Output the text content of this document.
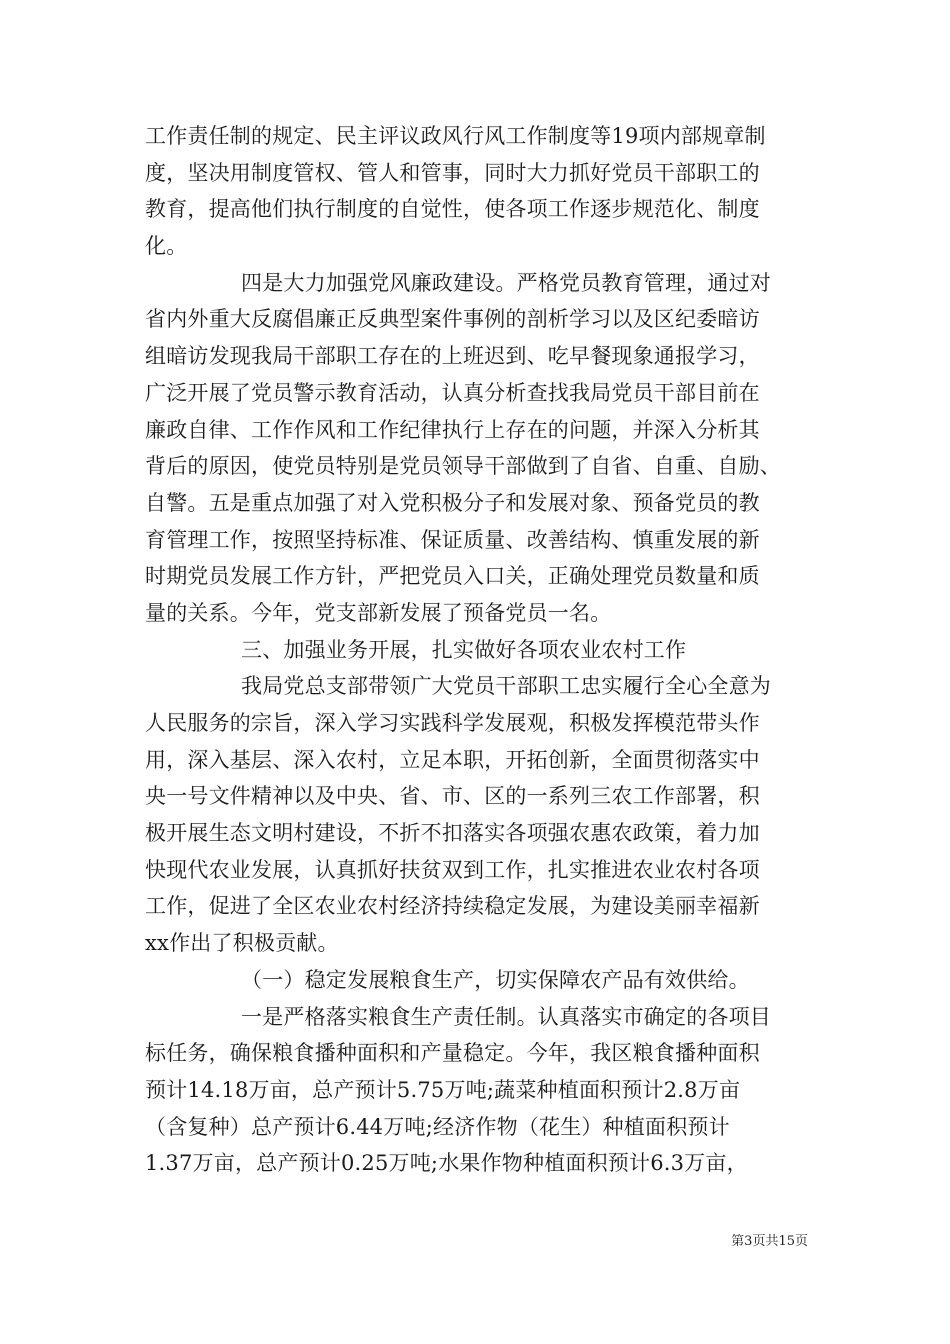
工作责任制的规定、民主评议政风行风工作制度等19项内部规章制
度，坚决用制度管权、管人和管事，同时大力抓好党员干部职工的
教育，提高他们执行制度的自觉性，使各项工作逐步规范化、制度
化。
四是大力加强党风廉政建设。严格党员教育管理，通过对
省内外重大反腐倡廉正反典型案件事例的剖析学习以及区纪委暗访
组暗访发现我局干部职工存在的上班迟到、吃早餐现象通报学习，
广泛开展了党员警示教育活动，认真分析查找我局党员干部目前在
廉政自律、工作作风和工作纪律执行上存在的问题，并深入分析其
背后的原因，使党员特别是党员领导干部做到了自省、自重、自励、
自警。五是重点加强了对入党积极分子和发展对象、预备党员的教
育管理工作，按照坚持标准、保证质量、改善结构、慎重发展的新
时期党员发展工作方针，严把党员入口关，正确处理党员数量和质
量的关系。今年，党支部新发展了预备党员一名。
三、加强业务开展，扎实做好各项农业农村工作
我局党总支部带领广大党员干部职工忠实履行全心全意为
人民服务的宗旨，深入学习实践科学发展观，积极发挥模范带头作
用，深入基层、深入农村，立足本职，开拓创新，全面贯彻落实中
央一号文件精神以及中央、省、市、区的一系列三农工作部署，积
极开展生态文明村建设，不折不扣落实各项强农惠农政策，着力加
快现代农业发展，认真抓好扶贫双到工作，扎实推进农业农村各项
工作，促进了全区农业农村经济持续稳定发展，为建设美丽幸福新
xx作出了积极贡献。
（一）稳定发展粮食生产，切实保障农产品有效供给。
一是严格落实粮食生产责任制。认真落实市确定的各项目
标任务，确保粮食播种面积和产量稳定。今年，我区粮食播种面积
预计14.18万亩，总产预计5.75万吨;蔬菜种植面积预计2.8万亩
（含复种）总产预计6.44万吨;经济作物（花生）种植面积预计
1.37万亩，总产预计0.25万吨;水果作物种植面积预计6.3万亩，
第3页共15页
